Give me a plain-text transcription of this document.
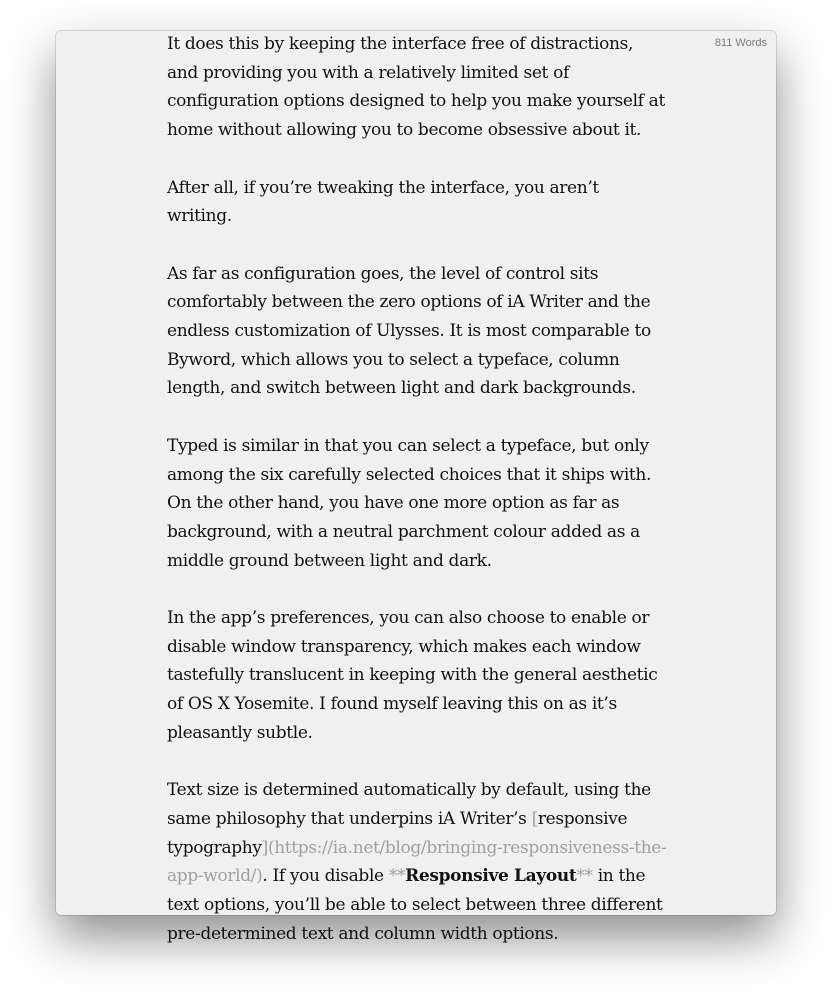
811 Words

It does this by keeping the interface free of distractions, and providing you with a relatively limited set of configuration options designed to help you make yourself at home without allowing you to become obsessive about it.

After all, if you’re tweaking the interface, you aren’t writing.

As far as configuration goes, the level of control sits comfortably between the zero options of iA Writer and the endless customization of Ulysses. It is most comparable to Byword, which allows you to select a typeface, column length, and switch between light and dark backgrounds.

Typed is similar in that you can select a typeface, but only among the six carefully selected choices that it ships with. On the other hand, you have one more option as far as background, with a neutral parchment colour added as a middle ground between light and dark.

In the app’s preferences, you can also choose to enable or disable window transparency, which makes each window tastefully translucent in keeping with the general aesthetic of OS X Yosemite. I found myself leaving this on as it’s pleasantly subtle.

Text size is determined automatically by default, using the same philosophy that underpins iA Writer’s [responsive typography](https://ia.net/blog/bringing-responsiveness-the-app-world/). If you disable **Responsive Layout** in the text options, you’ll be able to select between three different pre-determined text and column width options.
